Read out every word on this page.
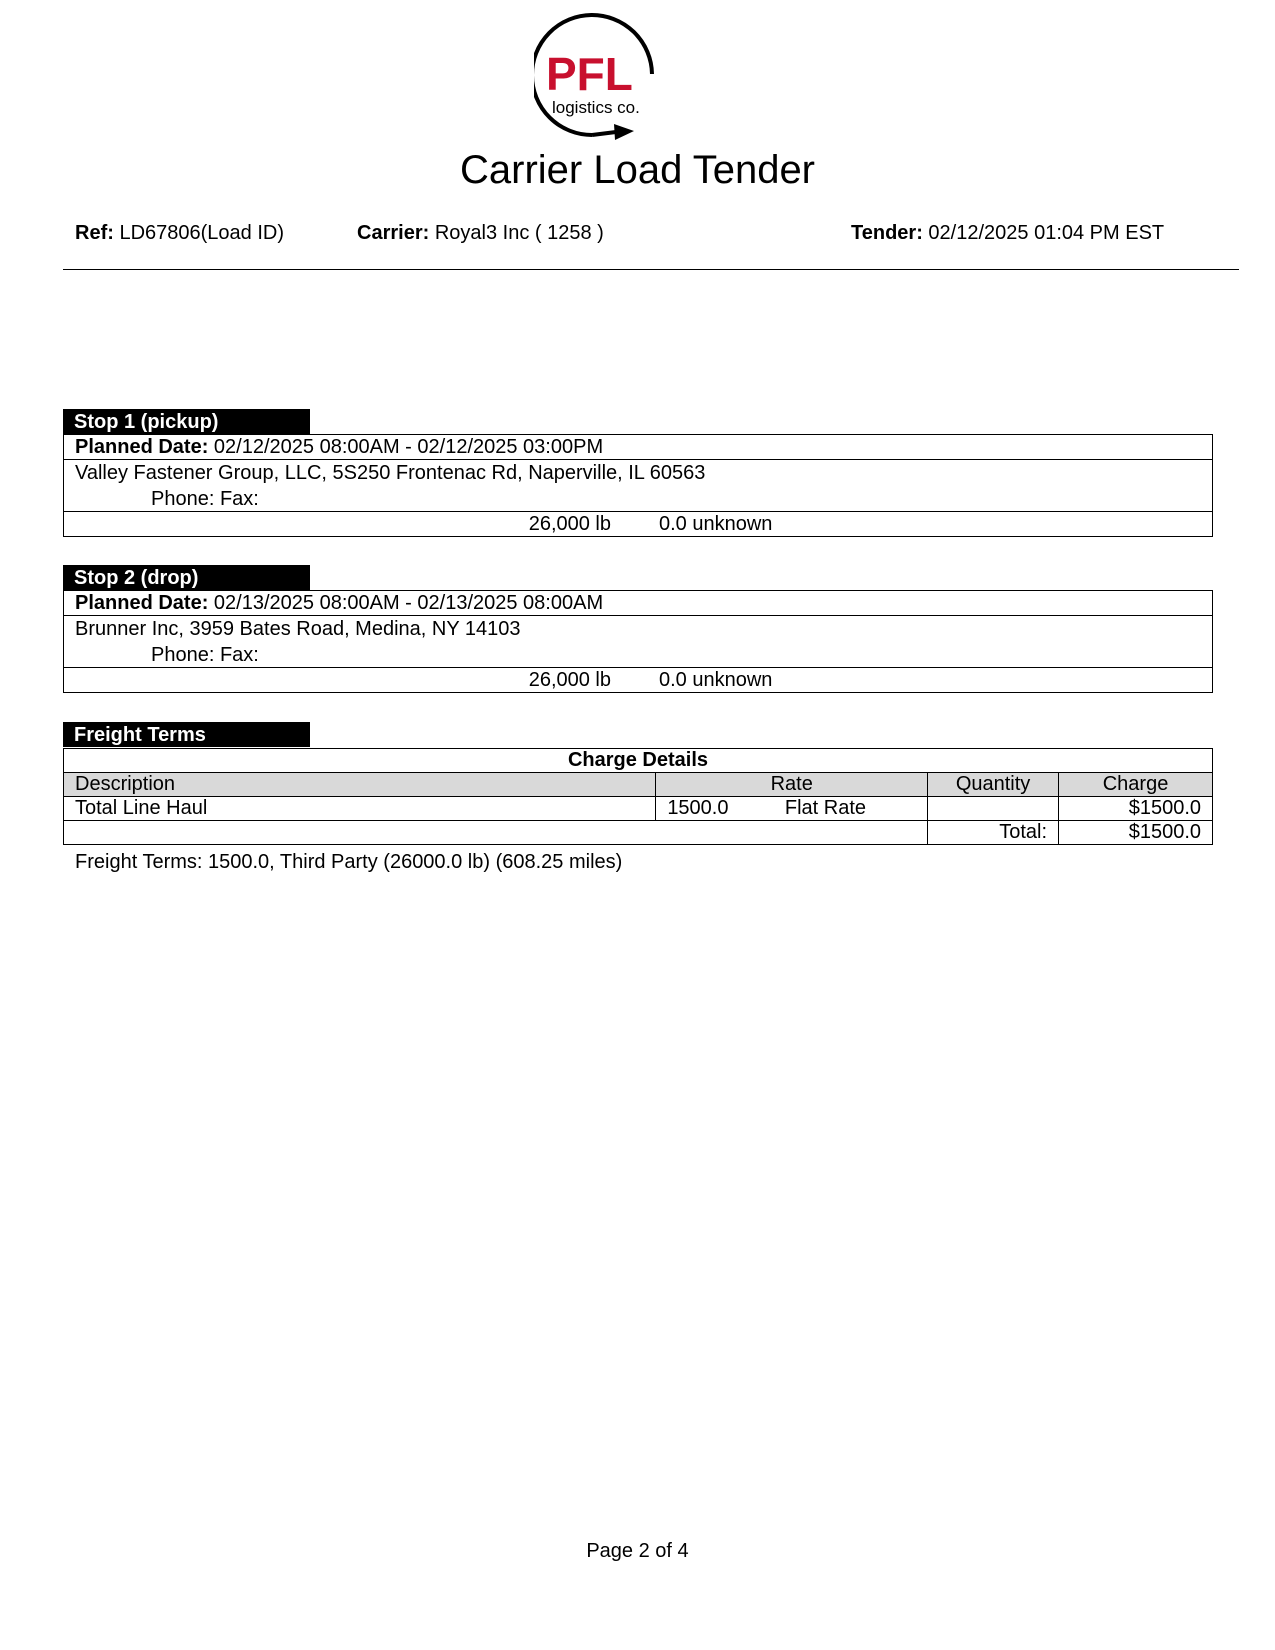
PFL
logistics co.
Carrier Load Tender
Ref: LD67806(Load ID)	Carrier: Royal3 Inc ( 1258 )	Tender: 02/12/2025 01:04 PM EST
Stop 1 (pickup)
Planned Date: 02/12/2025 08:00AM - 02/12/2025 03:00PM
Valley Fastener Group, LLC, 5S250 Frontenac Rd, Naperville, IL 60563
Phone: Fax:
26,000 lb 0.0 unknown
Stop 2 (drop)
Planned Date: 02/13/2025 08:00AM - 02/13/2025 08:00AM
Brunner Inc, 3959 Bates Road, Medina, NY 14103
Phone: Fax:
26,000 lb 0.0 unknown
Freight Terms
Charge Details			
Description	Rate	Quantity	Charge
Total Line Haul	1500.0 Flat Rate		$1500.0
		Total:	$1500.0
Freight Terms: 1500.0, Third Party (26000.0 lb) (608.25 miles)
Page 2 of 4
